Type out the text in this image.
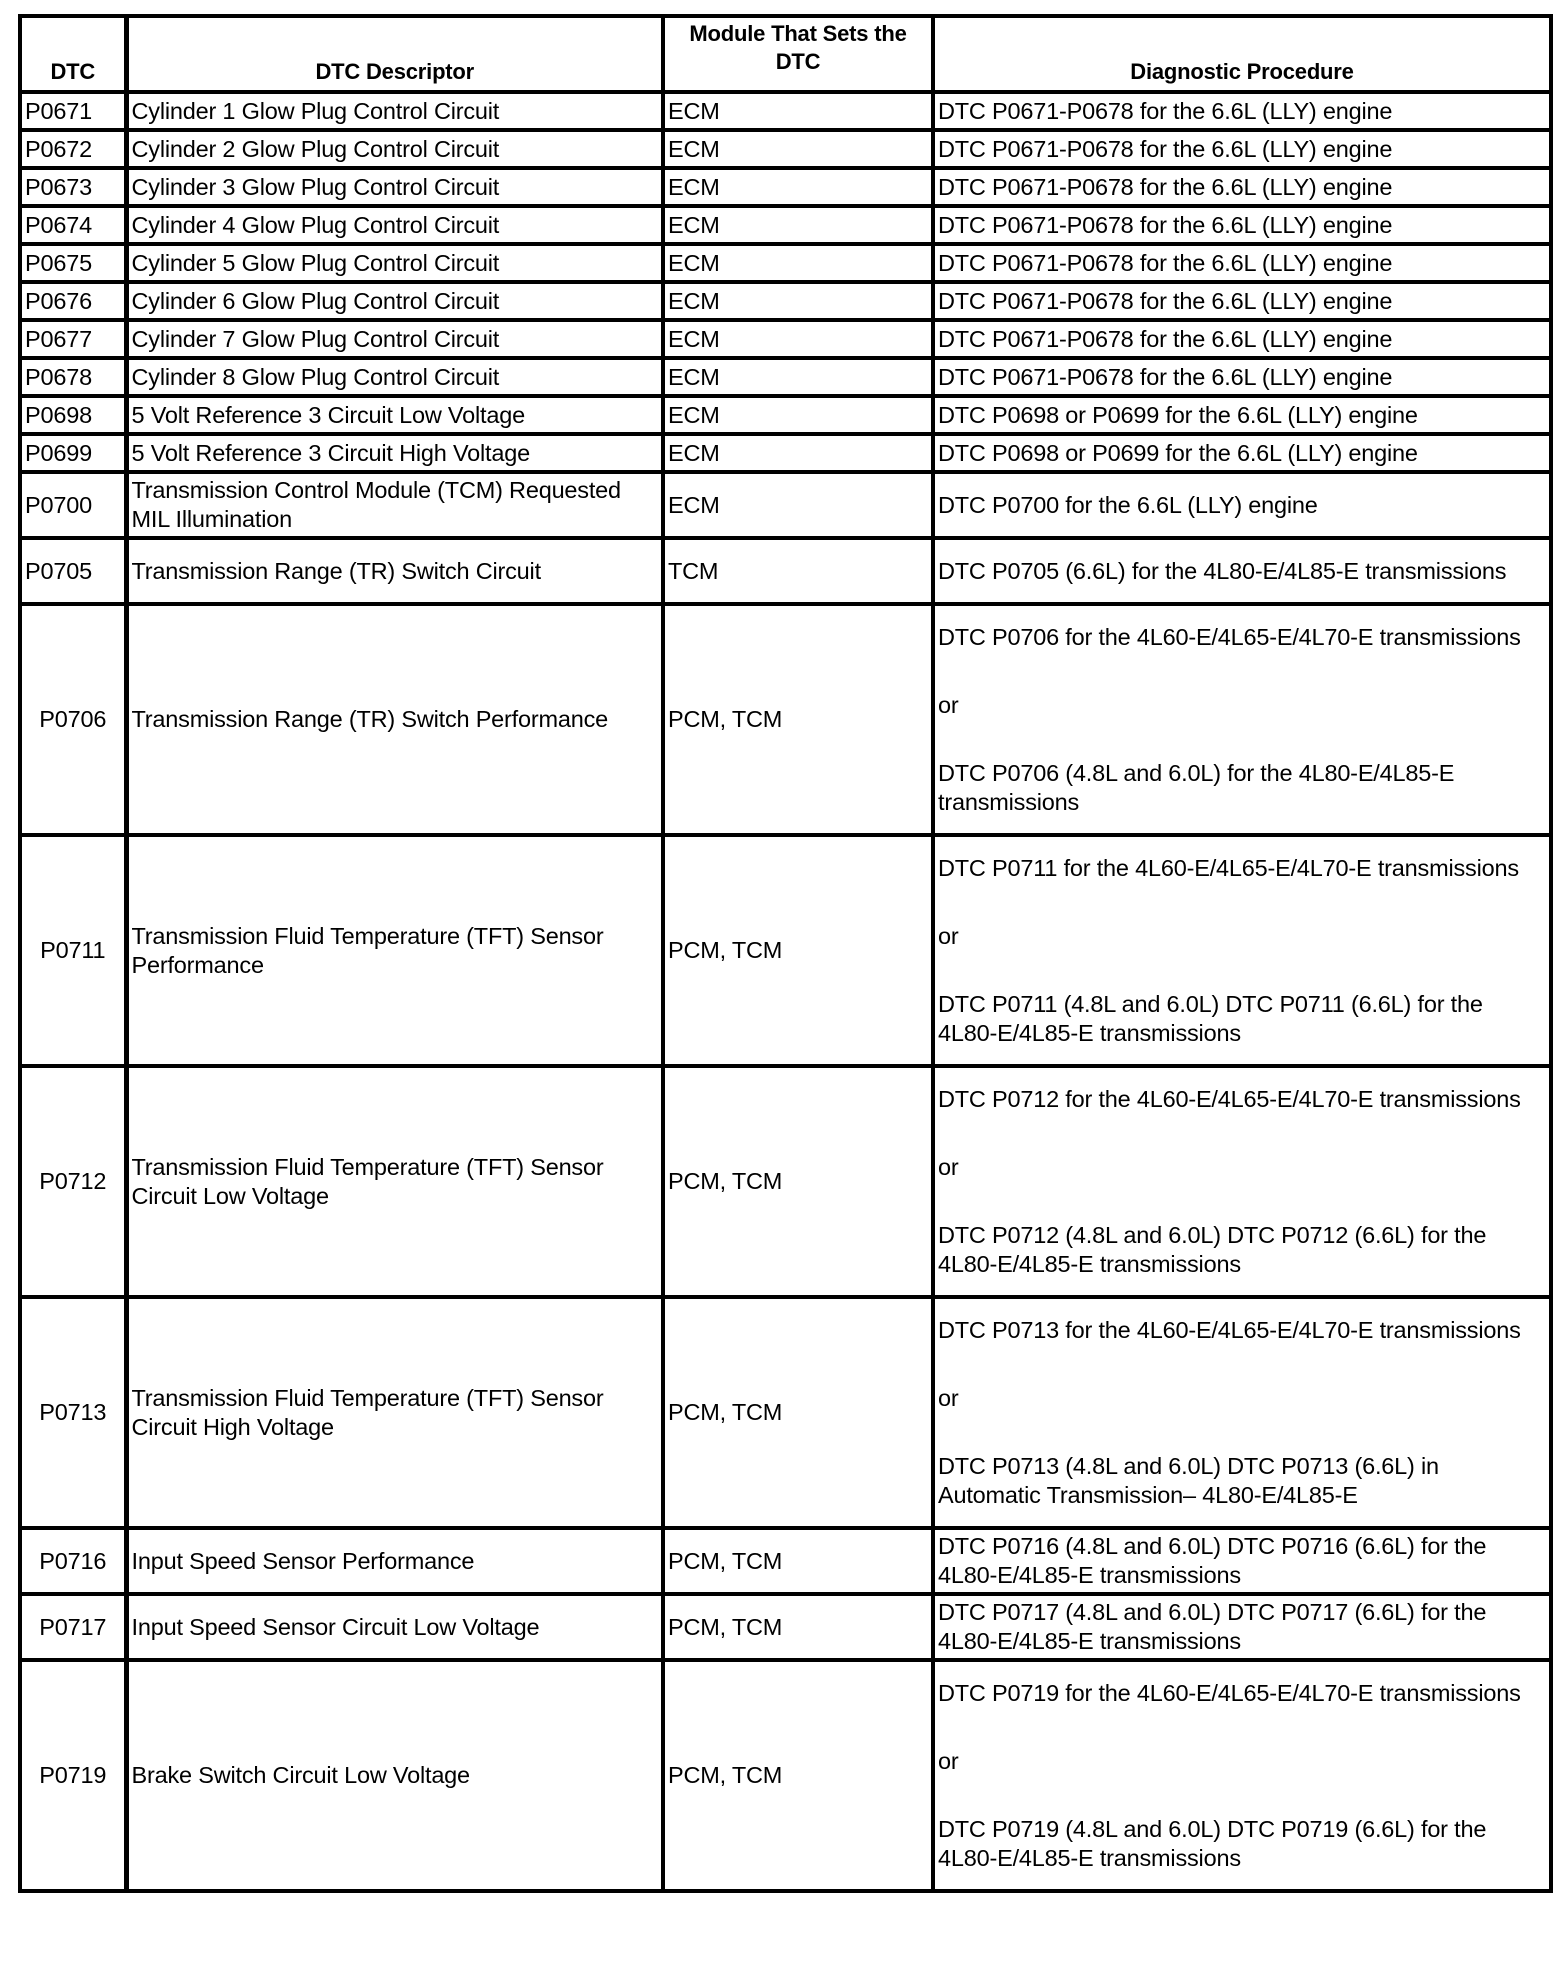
DTC	DTC Descriptor	Module That Sets the DTC	Diagnostic Procedure
P0671	Cylinder 1 Glow Plug Control Circuit	ECM	DTC P0671-P0678 for the 6.6L (LLY) engine

P0672	Cylinder 2 Glow Plug Control Circuit	ECM	DTC P0671-P0678 for the 6.6L (LLY) engine

P0673	Cylinder 3 Glow Plug Control Circuit	ECM	DTC P0671-P0678 for the 6.6L (LLY) engine

P0674	Cylinder 4 Glow Plug Control Circuit	ECM	DTC P0671-P0678 for the 6.6L (LLY) engine

P0675	Cylinder 5 Glow Plug Control Circuit	ECM	DTC P0671-P0678 for the 6.6L (LLY) engine

P0676	Cylinder 6 Glow Plug Control Circuit	ECM	DTC P0671-P0678 for the 6.6L (LLY) engine

P0677	Cylinder 7 Glow Plug Control Circuit	ECM	DTC P0671-P0678 for the 6.6L (LLY) engine

P0678	Cylinder 8 Glow Plug Control Circuit	ECM	DTC P0671-P0678 for the 6.6L (LLY) engine

P0698	5 Volt Reference 3 Circuit Low Voltage	ECM	DTC P0698 or P0699 for the 6.6L (LLY) engine

P0699	5 Volt Reference 3 Circuit High Voltage	ECM	DTC P0698 or P0699 for the 6.6L (LLY) engine

P0700	Transmission Control Module (TCM) Requested MIL Illumination	ECM	DTC P0700 for the 6.6L (LLY) engine

P0705	Transmission Range (TR) Switch Circuit	TCM	DTC P0705 (6.6L) for the 4L80-E/4L85-E transmissions

P0706	Transmission Range (TR) Switch Performance	PCM, TCM	DTC P0706 for the 4L60-E/4L65-E/4L70-E transmissions
or
DTC P0706 (4.8L and 6.0L) for the 4L80-E/4L85-E transmissions

P0711	Transmission Fluid Temperature (TFT) Sensor Performance	PCM, TCM	DTC P0711 for the 4L60-E/4L65-E/4L70-E transmissions
or
DTC P0711 (4.8L and 6.0L) DTC P0711 (6.6L) for the 4L80-E/4L85-E transmissions

P0712	Transmission Fluid Temperature (TFT) Sensor Circuit Low Voltage	PCM, TCM	DTC P0712 for the 4L60-E/4L65-E/4L70-E transmissions
or
DTC P0712 (4.8L and 6.0L) DTC P0712 (6.6L) for the 4L80-E/4L85-E transmissions

P0713	Transmission Fluid Temperature (TFT) Sensor Circuit High Voltage	PCM, TCM	DTC P0713 for the 4L60-E/4L65-E/4L70-E transmissions
or
DTC P0713 (4.8L and 6.0L) DTC P0713 (6.6L) in Automatic Transmission– 4L80-E/4L85-E

P0716	Input Speed Sensor Performance	PCM, TCM	DTC P0716 (4.8L and 6.0L) DTC P0716 (6.6L) for the 4L80-E/4L85-E transmissions

P0717	Input Speed Sensor Circuit Low Voltage	PCM, TCM	DTC P0717 (4.8L and 6.0L) DTC P0717 (6.6L) for the 4L80-E/4L85-E transmissions

P0719	Brake Switch Circuit Low Voltage	PCM, TCM	DTC P0719 for the 4L60-E/4L65-E/4L70-E transmissions
or
DTC P0719 (4.8L and 6.0L) DTC P0719 (6.6L) for the 4L80-E/4L85-E transmissions
